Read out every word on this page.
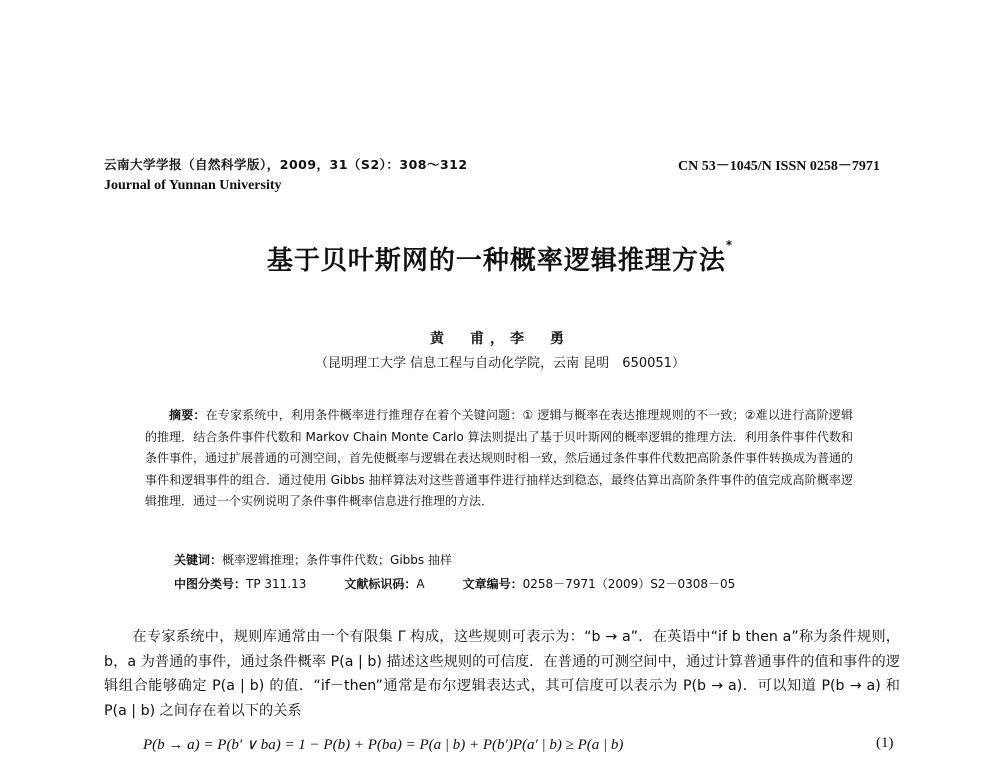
云南大学学报（自然科学版），2009，31（S2）：308～312
Journal of Yunnan University
CN 53－1045/N ISSN 0258－7971
基于贝叶斯网的一种概率逻辑推理方法*
黄　甫，李　勇
（昆明理工大学 信息工程与自动化学院，云南 昆明　650051）
摘要：在专家系统中，利用条件概率进行推理存在着个关键问题：① 逻辑与概率在表达推理规则的不一致；②难以进行高阶逻辑的推理．结合条件事件代数和 Markov Chain Monte Carlo 算法则提出了基于贝叶斯网的概率逻辑的推理方法．利用条件事件代数和条件事件，通过扩展普通的可测空间，首先使概率与逻辑在表达规则时相一致，然后通过条件事件代数把高阶条件事件转换成为普通的事件和逻辑事件的组合．通过使用 Gibbs 抽样算法对这些普通事件进行抽样达到稳态，最终估算出高阶条件事件的值完成高阶概率逻辑推理．通过一个实例说明了条件事件概率信息进行推理的方法．
关键词：概率逻辑推理；条件事件代数；Gibbs 抽样
中图分类号：TP 311.13	文献标识码：A	文章编号：0258－7971（2009）S2－0308－05

在专家系统中，规则库通常由一个有限集 Γ 构成，这些规则可表示为：“b → a”．在英语中“if b then a”称为条件规则，b，a 为普通的事件，通过条件概率 P(a | b) 描述这些规则的可信度．在普通的可测空间中，通过计算普通事件的值和事件的逻辑组合能够确定 P(a | b) 的值．“if－then”通常是布尔逻辑表达式，其可信度可以表示为 P(b → a)．可以知道 P(b → a) 和 P(a | b) 之间存在着以下的关系

P(b → a) = P(b′ ∨ ba) = 1 − P(b) + P(ba) = P(a | b) + P(b′)P(a′ | b) ≥ P(a | b)	(1)
